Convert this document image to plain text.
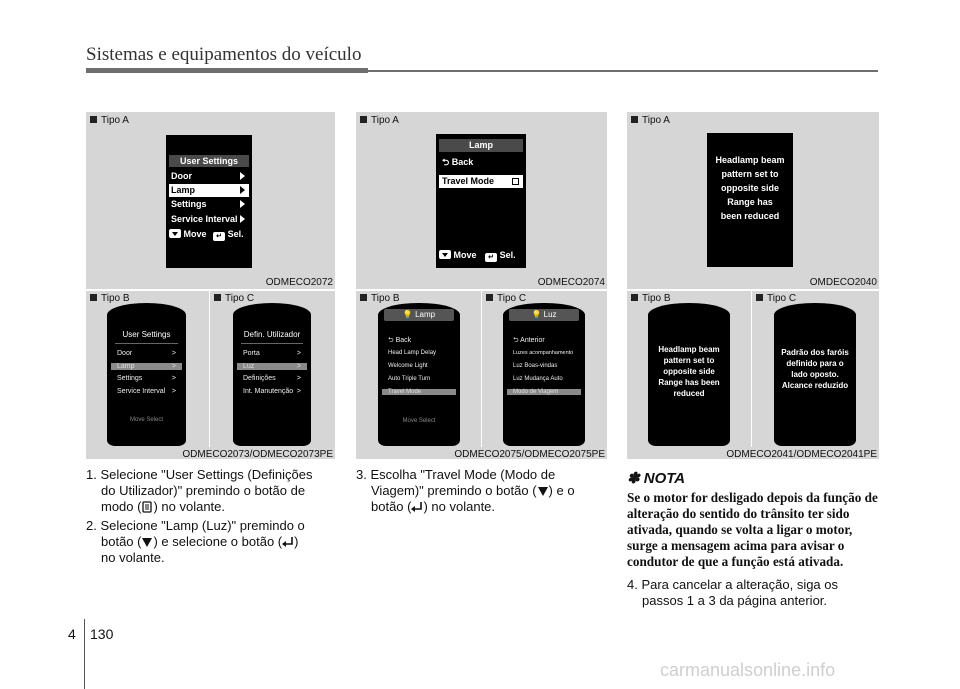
Sistemas e equipamentos do veículo
Tipo A
ODMECO2072
Tipo B	Tipo C
ODMECO2073/ODMECO2073PE
User Settings
Door
Lamp
Settings
Service Interval
Move ↵ Sel.
User Settings
Door	>
Lamp	>
Settings	>
Service Interval >
Move Select
Defin. Utilizador
Porta	>
Luz	>
Definições	>
Int. Manutenção >
Tipo A
ODMECO2074
Tipo B	Tipo C
ODMECO2075/ODMECO2075PE
Lamp
⮌ Back
Travel Mode
Move ↵ Sel.
💡 Lamp
⮌ Back
Head Lamp Delay
Welcome Light
Auto Triple Turn
Travel Mode
Move Select
💡 Luz
⮌ Anterior
Luzes acompanhamento
Luz Boas-vindas
Luz Mudança Auto
Modo de Viagem
Tipo A
OMDECO2040
Tipo B	Tipo C
ODMECO2041/ODMECO2041PE
Headlamp beam
pattern set to
opposite side
Range has
been reduced
Headlamp beam
pattern set to
opposite side
Range has been
reduced
Padrão dos faróis
definido para o
lado oposto.
Alcance reduzido
1. Selecione "User Settings (Definições
do Utilizador)" premindo o botão de
modo ( ) no volante.
2. Selecione "Lamp (Luz)" premindo o
botão ( ) e selecione o botão ( )
no volante.
3. Escolha "Travel Mode (Modo de
Viagem)" premindo o botão ( ) e o
botão ( ) no volante.
✽ NOTA
Se o motor for desligado depois da função de alteração do sentido do trânsito ter sido ativada, quando se volta a ligar o motor, surge a mensagem acima para avisar o condutor de que a função está ativada.
4. Para cancelar a alteração, siga os
passos 1 a 3 da página anterior.
4 130
carmanualsonline.info
